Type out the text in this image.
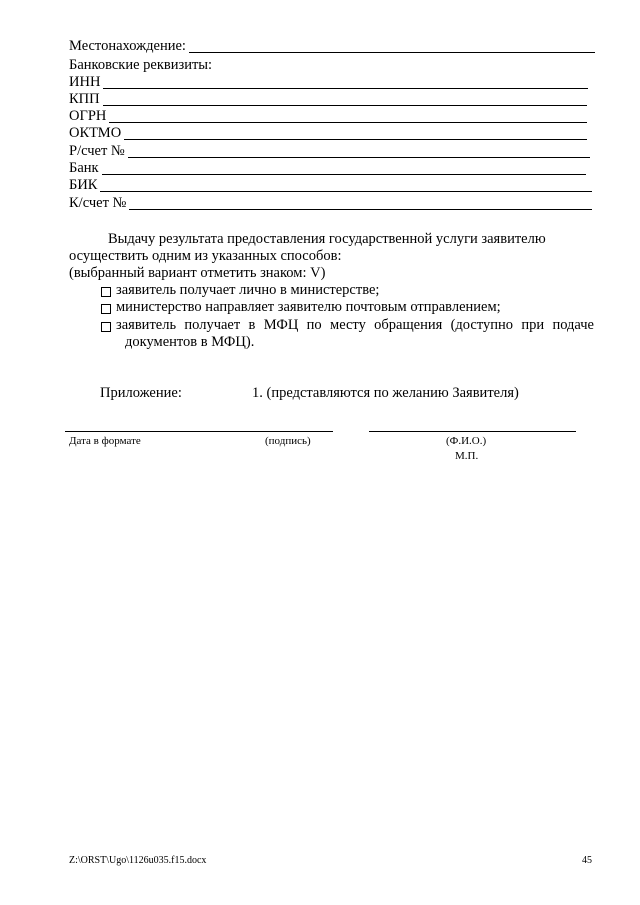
Местонахождение:
Банковские реквизиты:
ИНН
КПП
ОГРН
ОКТМО
Р/счет №
Банк
БИК
К/счет №
Выдачу результата предоставления государственной услуги заявителю
осуществить одним из указанных способов:
(выбранный вариант отметить знаком: V)
заявитель получает лично в министерстве;
министерство направляет заявителю почтовым отправлением;
заявитель получает в МФЦ по месту обращения (доступно при подаче
документов в МФЦ).
Приложение:	1. (представляются по желанию Заявителя)
Дата в формате	(подпись)	(Ф.И.О.)
М.П.
Z:\ORST\Ugo\1126u035.f15.docx	45
